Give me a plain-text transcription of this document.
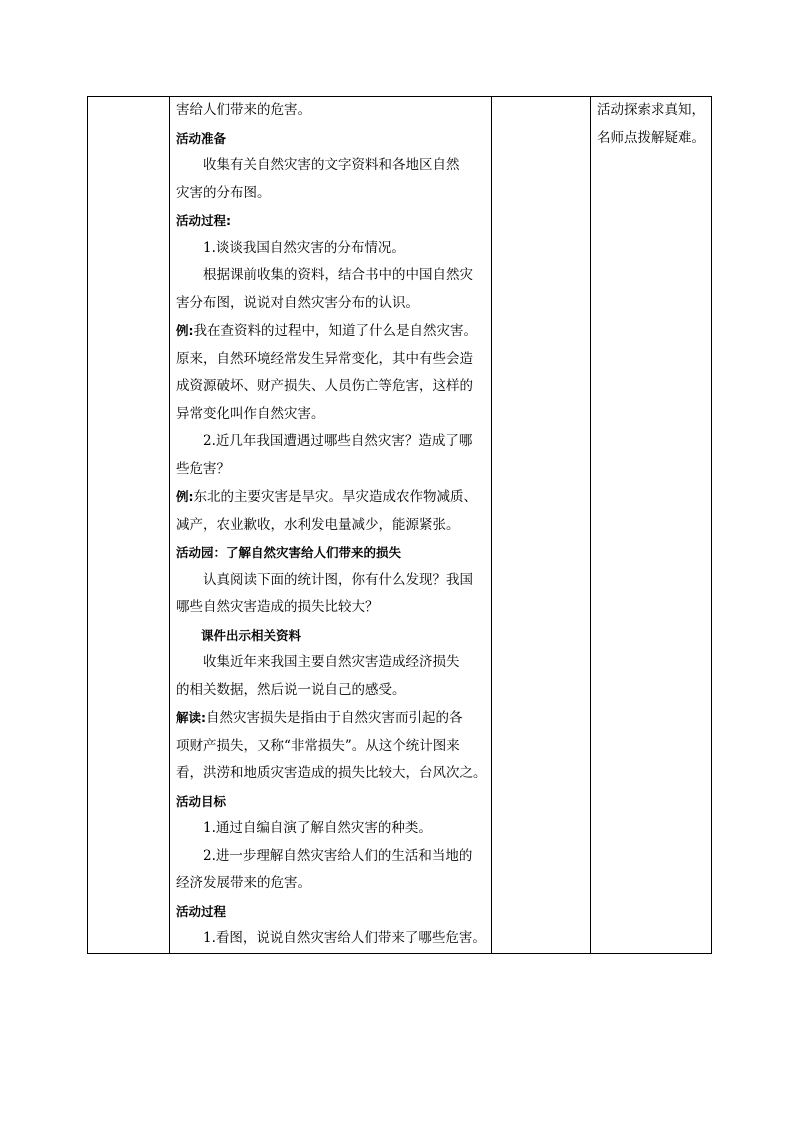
害给人们带来的危害。

活动准备

收集有关自然灾害的文字资料和各地区自然

灾害的分布图。

活动过程:

1.谈谈我国自然灾害的分布情况。

根据课前收集的资料，结合书中的中国自然灾

害分布图，说说对自然灾害分布的认识。

例:我在查资料的过程中，知道了什么是自然灾害。

原来，自然环境经常发生异常变化，其中有些会造

成资源破坏、财产损失、人员伤亡等危害，这样的

异常变化叫作自然灾害。

2.近几年我国遭遇过哪些自然灾害？造成了哪

些危害？

例:东北的主要灾害是旱灾。旱灾造成农作物减质、

减产，农业歉收，水利发电量减少，能源紧张。

活动园：了解自然灾害给人们带来的损失

认真阅读下面的统计图，你有什么发现？我国

哪些自然灾害造成的损失比较大？

课件出示相关资料

收集近年来我国主要自然灾害造成经济损失

的相关数据，然后说一说自己的感受。

解读:自然灾害损失是指由于自然灾害而引起的各

项财产损失，又称“非常损失”。从这个统计图来

看，洪涝和地质灾害造成的损失比较大，台风次之。

活动目标

1.通过自编自演了解自然灾害的种类。

2.进一步理解自然灾害给人们的生活和当地的

经济发展带来的危害。

活动过程

1.看图，说说自然灾害给人们带来了哪些危害。

活动探索求真知，

名师点拨解疑难。
